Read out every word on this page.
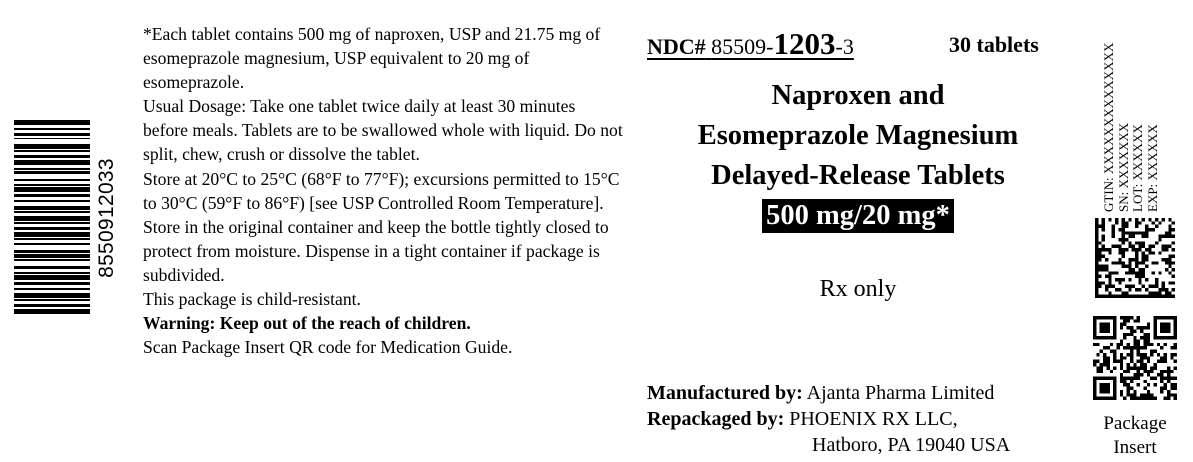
8550912033

*Each tablet contains 500 mg of naproxen, USP and 21.75 mg of esomeprazole magnesium, USP equivalent to 20 mg of esomeprazole.

Usual Dosage: Take one tablet twice daily at least 30 minutes before meals. Tablets are to be swallowed whole with liquid. Do not split, chew, crush or dissolve the tablet.

Store at 20°C to 25°C (68°F to 77°F); excursions permitted to 15°C to 30°C (59°F to 86°F) [see USP Controlled Room Temperature]. Store in the original container and keep the bottle tightly closed to protect from moisture. Dispense in a tight container if package is subdivided.

This package is child-resistant.

Warning: Keep out of the reach of children.

Scan Package Insert QR code for Medication Guide.

NDC# 85509-1203-3	30 tablets
Naproxen and
Esomeprazole Magnesium
Delayed-Release Tablets
500 mg/20 mg*
Rx only
Manufactured by: Ajanta Pharma Limited
Repackaged by: PHOENIX RX LLC,
Hatboro, PA 19040 USA
GTIN: XXXXXXXXXXXXXX SN: XXXXXXX LOT: XXXXXX EXP: XXXXXX
Package
Insert
